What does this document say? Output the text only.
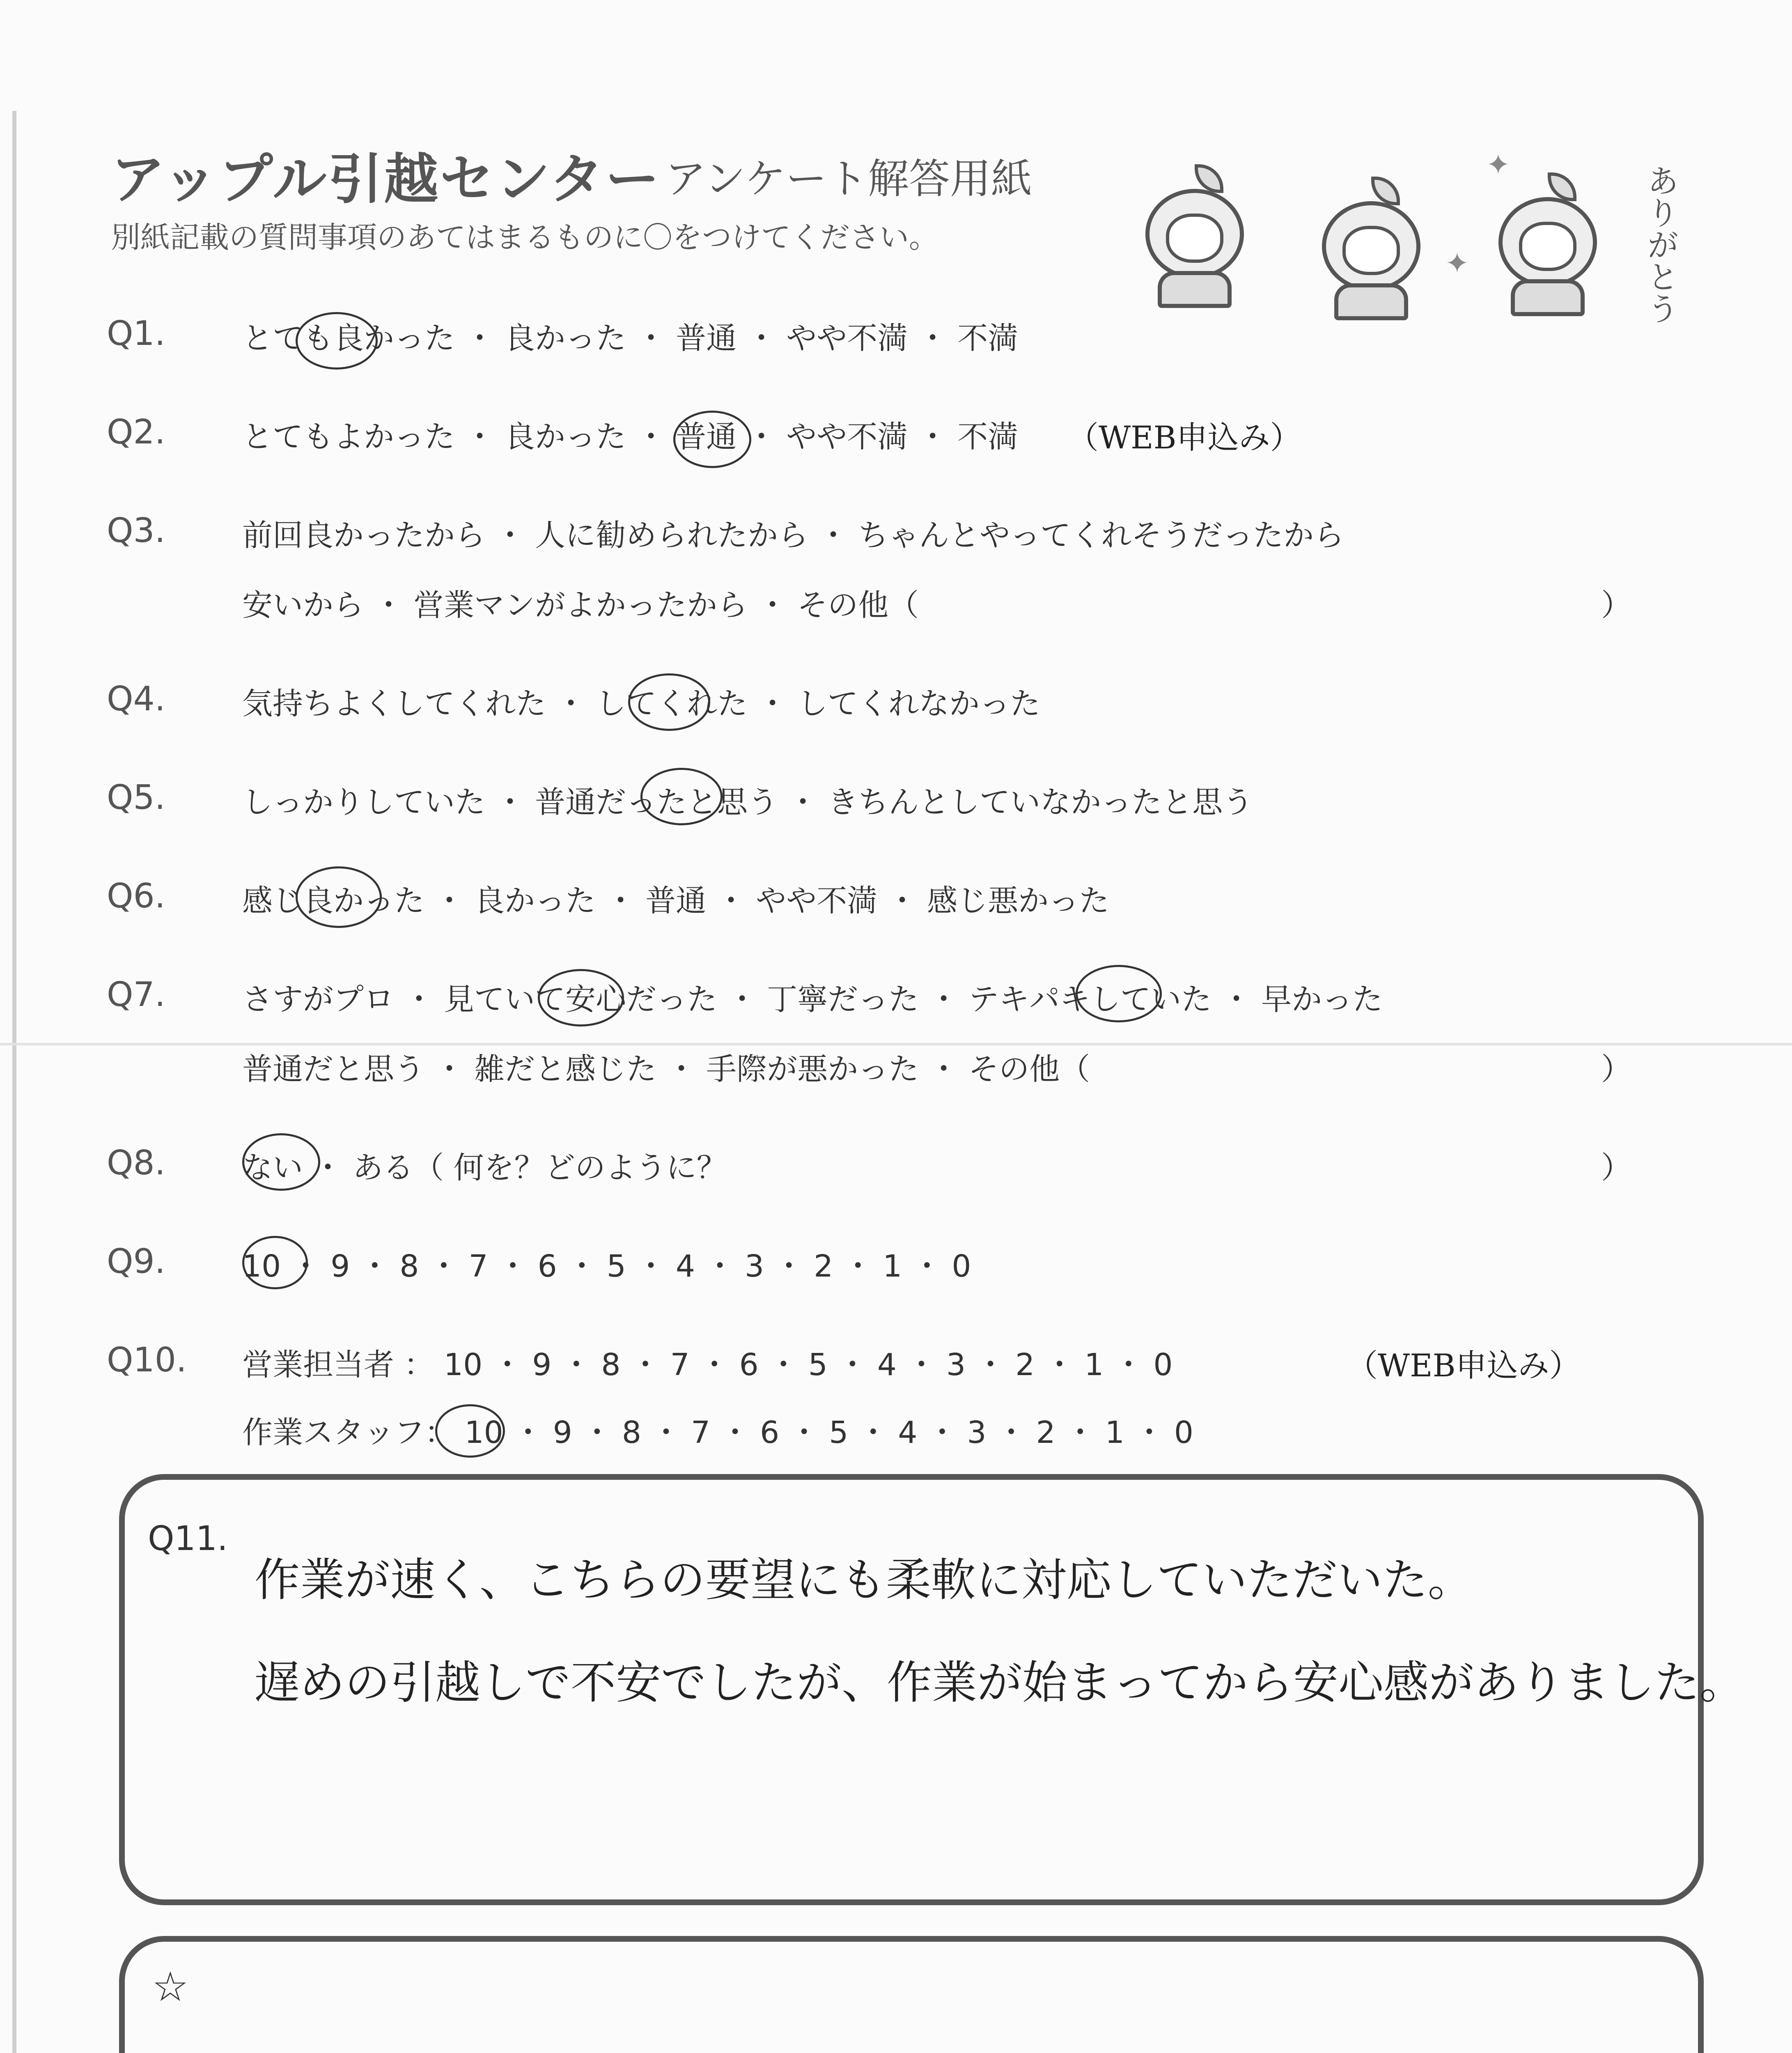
アップル引越センター アンケート解答用紙
別紙記載の質問事項のあてはまるものに〇をつけてください。
✦
✦	ありがとう
Q1.	とても良かった ・ 良かった ・ 普通 ・ やや不満 ・ 不満
Q2.	とてもよかった ・ 良かった ・ 普通 ・ やや不満 ・ 不満 （WEB申込み）
Q3.	前回良かったから ・ 人に勧められたから ・ ちゃんとやってくれそうだったから
安いから ・ 営業マンがよかったから ・ その他（	）
Q4.	気持ちよくしてくれた ・ してくれた ・ してくれなかった
Q5.	しっかりしていた ・ 普通だったと思う ・ きちんとしていなかったと思う
Q6.	感じ良かった ・ 良かった ・ 普通 ・ やや不満 ・ 感じ悪かった
Q7.	さすがプロ ・ 見ていて安心だった ・ 丁寧だった ・ テキパキしていた ・ 早かった
普通だと思う ・ 雑だと感じた ・ 手際が悪かった ・ その他（	）
Q8.	ない ・ ある（ 何を？どのように？	）
Q9.	10 ・ 9 ・ 8 ・ 7 ・ 6 ・ 5 ・ 4 ・ 3 ・ 2 ・ 1 ・ 0
Q10. 営業担当者 ： 10 ・ 9 ・ 8 ・ 7 ・ 6 ・ 5 ・ 4 ・ 3 ・ 2 ・ 1 ・ 0	（WEB申込み）
作業スタッフ： 10 ・ 9 ・ 8 ・ 7 ・ 6 ・ 5 ・ 4 ・ 3 ・ 2 ・ 1 ・ 0
Q11.
作業が速く、こちらの要望にも柔軟に対応していただいた。
遅めの引越しで不安でしたが、作業が始まってから安心感がありました。
☆
